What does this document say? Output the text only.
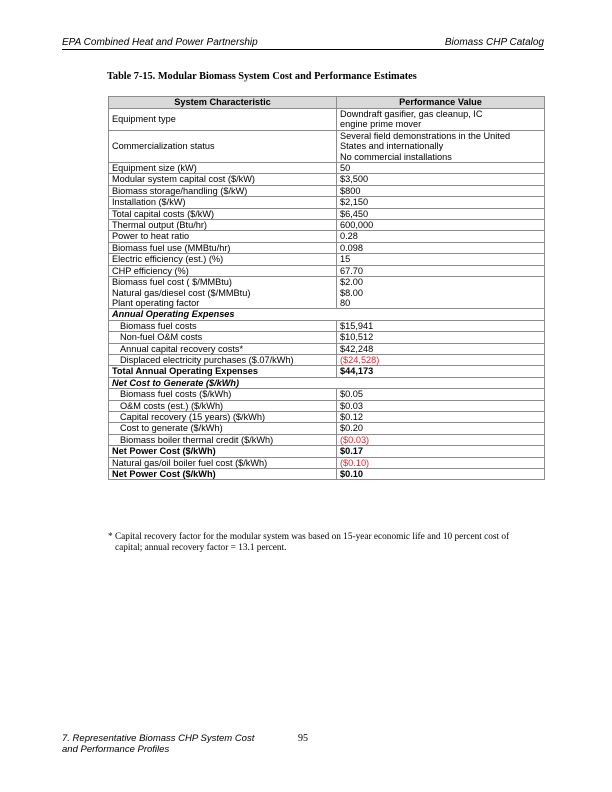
EPA Combined Heat and Power Partnership	Biomass CHP Catalog
Table 7-15. Modular Biomass System Cost and Performance Estimates
System Characteristic	Performance Value
Equipment type	Downdraft gasifier, gas cleanup, IC
engine prime mover

Commercialization status	Several field demonstrations in the United
States and internationally
No commercial installations

Equipment size (kW)	50
Modular system capital cost ($/kW)	$3,500
Biomass storage/handling ($/kW)	$800
Installation ($/kW)	$2,150
Total capital costs ($/kW)	$6,450
Thermal output (Btu/hr)	600,000
Power to heat ratio	0.28
Biomass fuel use (MMBtu/hr)	0.098
Electric efficiency (est.) (%)	15
CHP efficiency (%)	67.70
Biomass fuel cost ( $/MMBtu)	$2.00
Natural gas/diesel cost ($/MMBtu)	$8.00
Plant operating factor	80
Annual Operating Expenses	
Biomass fuel costs	$15,941
Non-fuel O&M costs	$10,512
Annual capital recovery costs*	$42,248
Displaced electricity purchases ($.07/kWh)	($24,528)
Total Annual Operating Expenses	$44,173
Net Cost to Generate ($/kWh)	
Biomass fuel costs ($/kWh)	$0.05
O&M costs (est.) ($/kWh)	$0.03
Capital recovery (15 years) ($/kWh)	$0.12
Cost to generate ($/kWh)	$0.20
Biomass boiler thermal credit ($/kWh)	($0.03)
Net Power Cost ($/kWh)	$0.17
Natural gas/oil boiler fuel cost ($/kWh)	($0.10)
Net Power Cost ($/kWh)	$0.10
* Capital recovery factor for the modular system was based on 15-year economic life and 10 percent cost of
capital; annual recovery factor = 13.1 percent.
7. Representative Biomass CHP System Cost
and Performance Profiles
95
